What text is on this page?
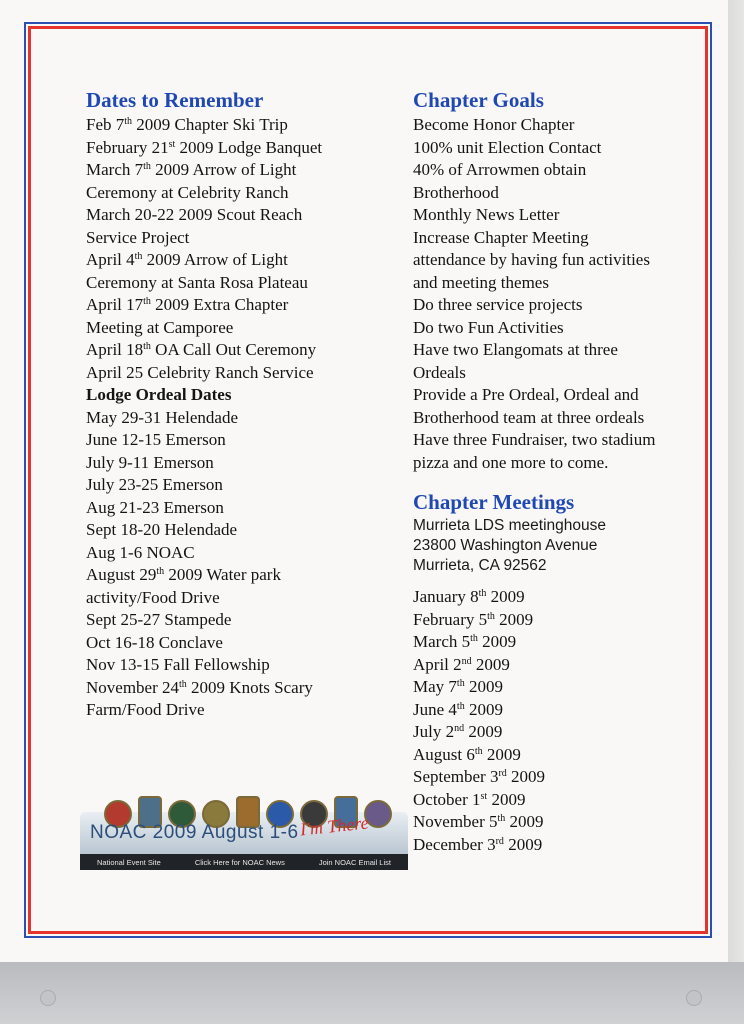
Dates to Remember
Feb 7th 2009 Chapter Ski Trip
February 21st 2009 Lodge Banquet
March 7th 2009 Arrow of Light
Ceremony at Celebrity Ranch
March 20-22 2009 Scout Reach
Service Project
April 4th 2009 Arrow of Light
Ceremony at Santa Rosa Plateau
April 17th 2009 Extra Chapter
Meeting at Camporee
April 18th OA Call Out Ceremony
April 25 Celebrity Ranch Service
Lodge Ordeal Dates
May 29-31 Helendade
June 12-15 Emerson
July 9-11 Emerson
July 23-25 Emerson
Aug 21-23 Emerson
Sept 18-20 Helendade
Aug 1-6 NOAC
August 29th 2009 Water park
activity/Food Drive
Sept 25-27 Stampede
Oct 16-18 Conclave
Nov 13-15 Fall Fellowship
November 24th 2009 Knots Scary
Farm/Food Drive
Chapter Goals
Become Honor Chapter
100% unit Election Contact
40% of Arrowmen obtain
Brotherhood
Monthly News Letter
Increase Chapter Meeting
attendance by having fun activities
and meeting themes
Do three service projects
Do two Fun Activities
Have two Elangomats at three
Ordeals
Provide a Pre Ordeal, Ordeal and
Brotherhood team at three ordeals
Have three Fundraiser, two stadium
pizza and one more to come.
Chapter Meetings
Murrieta LDS meetinghouse
23800 Washington Avenue
Murrieta, CA 92562
January 8th 2009
February 5th 2009
March 5th 2009
April 2nd 2009
May 7th 2009
June 4th 2009
July 2nd 2009
August 6th 2009
September 3rd 2009
October 1st 2009
November 5th 2009
December 3rd 2009
NOAC 2009 August 1-6 I'm There
National Event Site	Click Here for NOAC News	Join NOAC Email List
